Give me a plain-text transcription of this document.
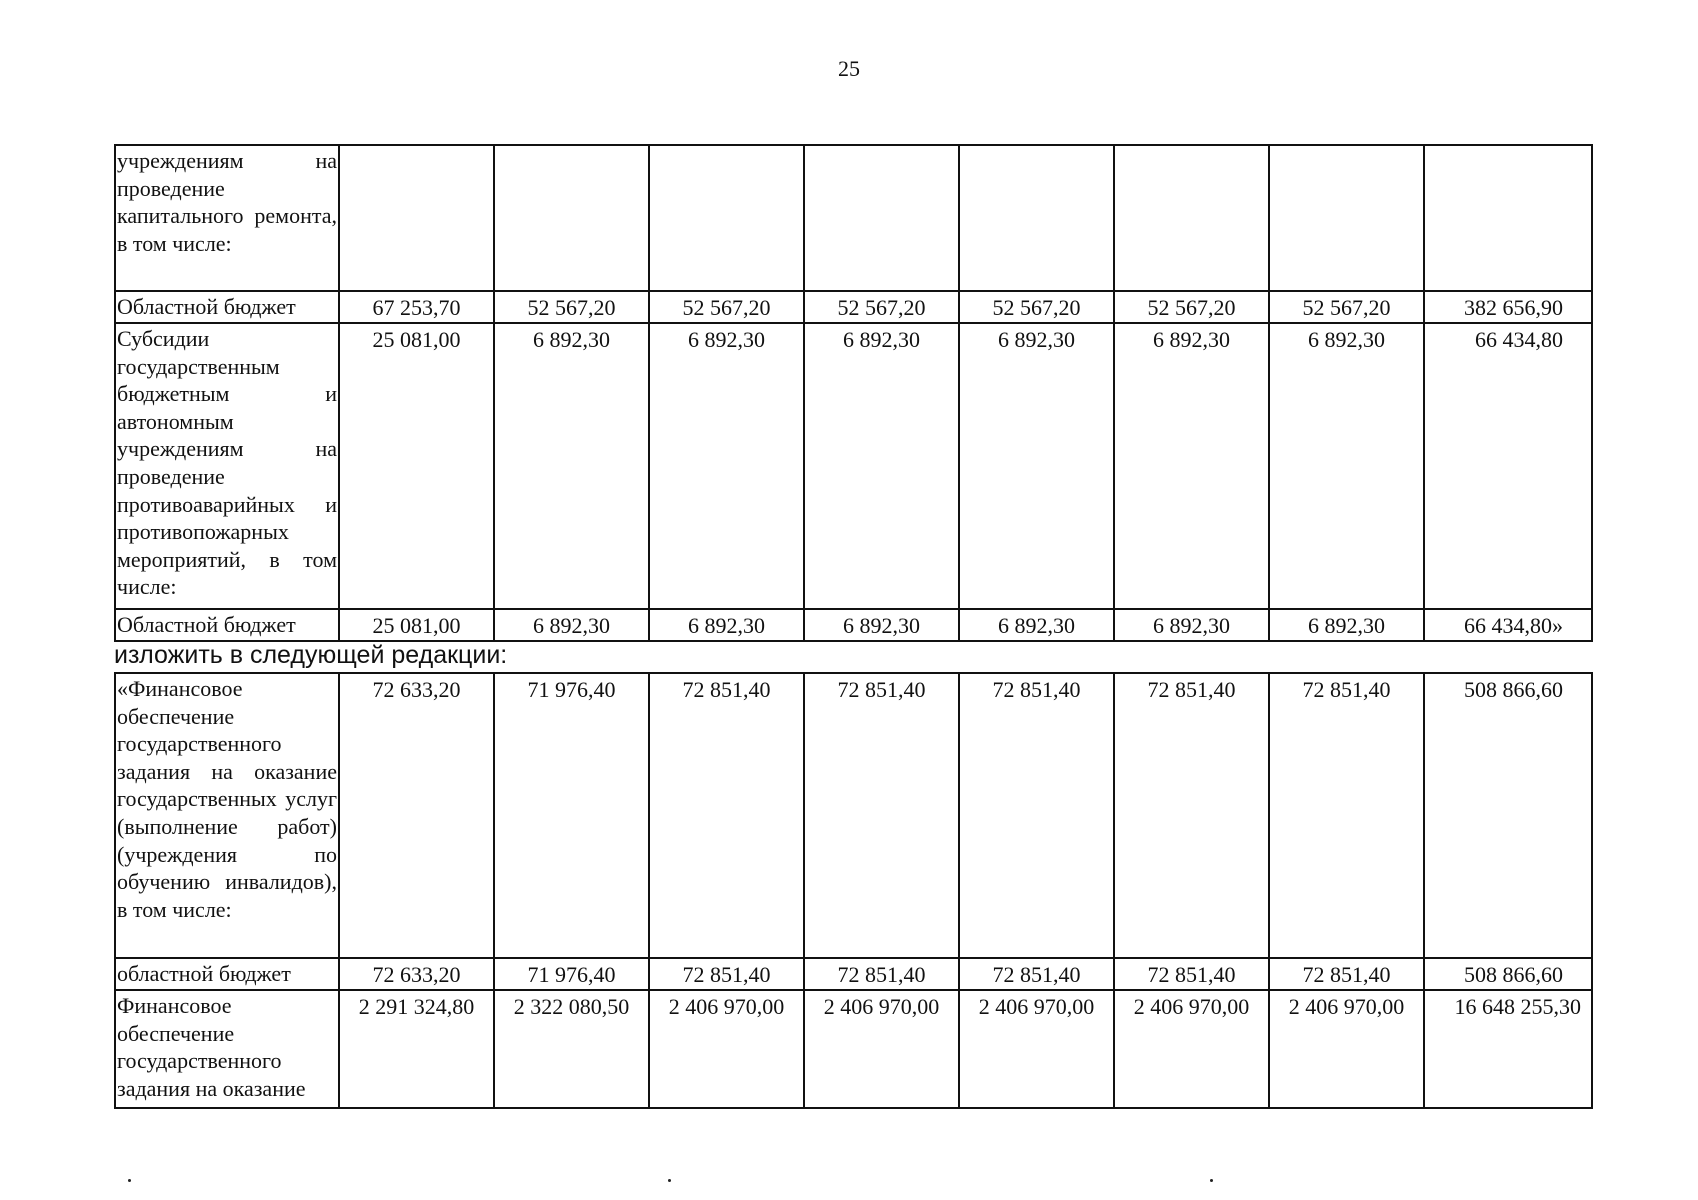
25
учреждениям на проведение капитального ремонта, в том числе:								
Областной бюджет	67 253,70	52 567,20	52 567,20	52 567,20	52 567,20	52 567,20	52 567,20	382 656,90
Субсидии государственным бюджетным и автономным учреждениям на проведение противоаварийных и противопожарных мероприятий, в том числе:	25 081,00	6 892,30	6 892,30	6 892,30	6 892,30	6 892,30	6 892,30	66 434,80
Областной бюджет	25 081,00	6 892,30	6 892,30	6 892,30	6 892,30	6 892,30	6 892,30	66 434,80»
изложить в следующей редакции:
«Финансовое обеспечение государственного задания на оказание государственных услуг (выполнение работ) (учреждения по обучению инвалидов), в том числе:	72 633,20	71 976,40	72 851,40	72 851,40	72 851,40	72 851,40	72 851,40	508 866,60
областной бюджет	72 633,20	71 976,40	72 851,40	72 851,40	72 851,40	72 851,40	72 851,40	508 866,60
Финансовое обеспечение государственного задания на оказание	2 291 324,80	2 322 080,50	2 406 970,00	2 406 970,00	2 406 970,00	2 406 970,00	2 406 970,00	16 648 255,30
